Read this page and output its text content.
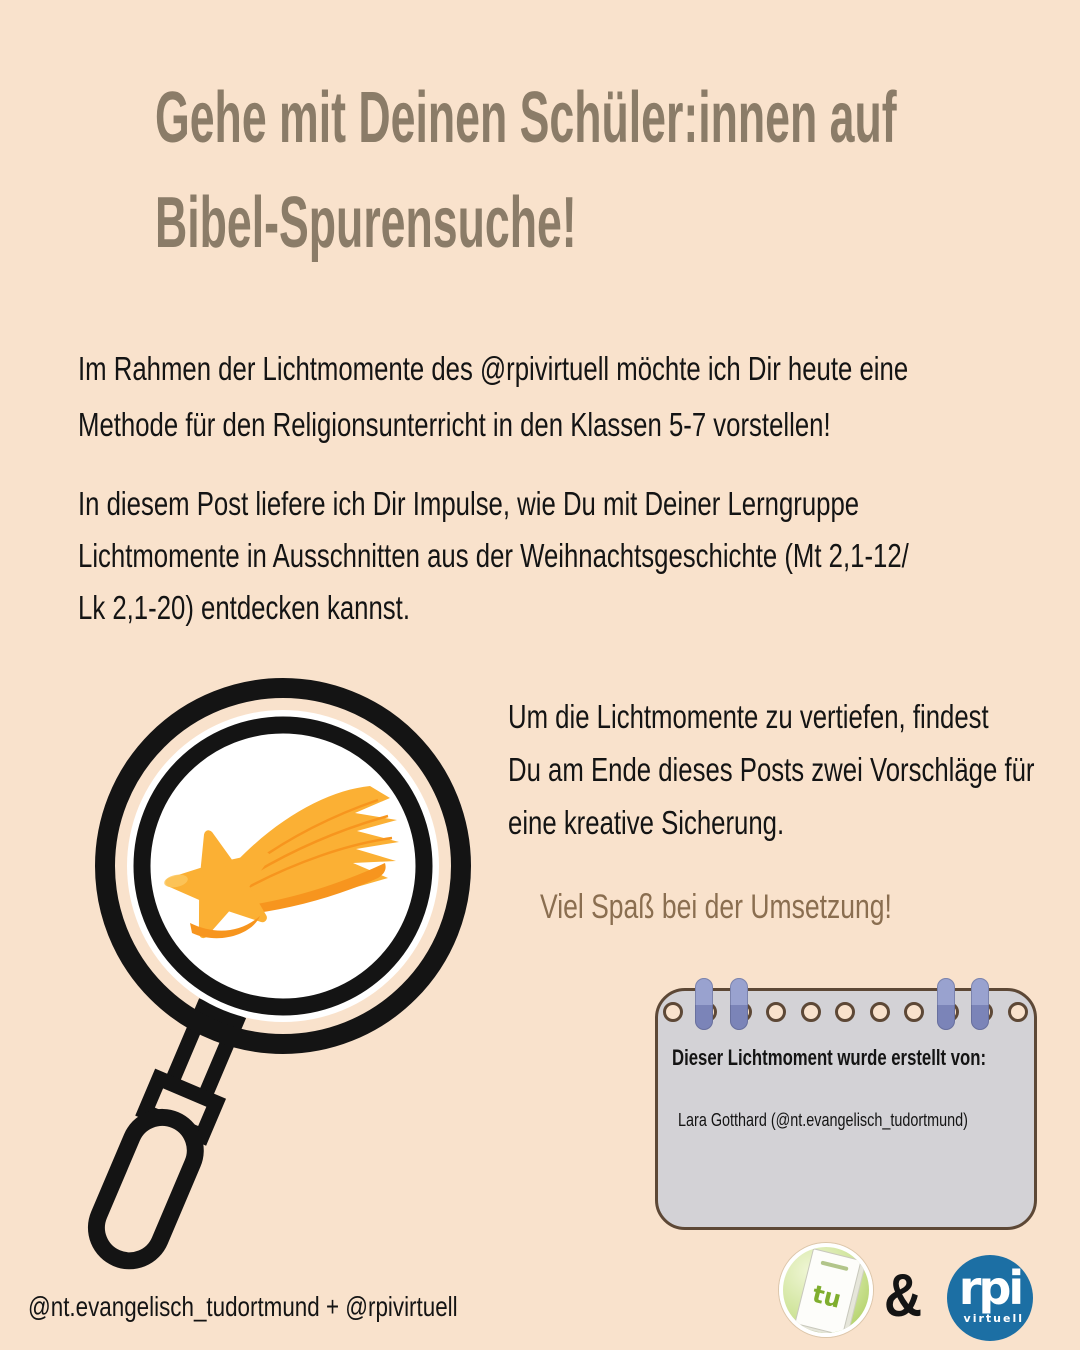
Gehe mit Deinen Schüler:innen auf
Bibel-Spurensuche!
Im Rahmen der Lichtmomente des @rpivirtuell möchte ich Dir heute eine
Methode für den Religionsunterricht in den Klassen 5-7 vorstellen!
In diesem Post liefere ich Dir Impulse, wie Du mit Deiner Lerngruppe
Lichtmomente in Ausschnitten aus der Weihnachtsgeschichte (Mt 2,1-12/
Lk 2,1-20) entdecken kannst.
Um die Lichtmomente zu vertiefen, findest
Du am Ende dieses Posts zwei Vorschläge für
eine kreative Sicherung.
Viel Spaß bei der Umsetzung!
Dieser Lichtmoment wurde erstellt von:
Lara Gotthard (@nt.evangelisch_tudortmund)
tu & rpi
virtuell
@nt.evangelisch_tudortmund + @rpivirtuell
